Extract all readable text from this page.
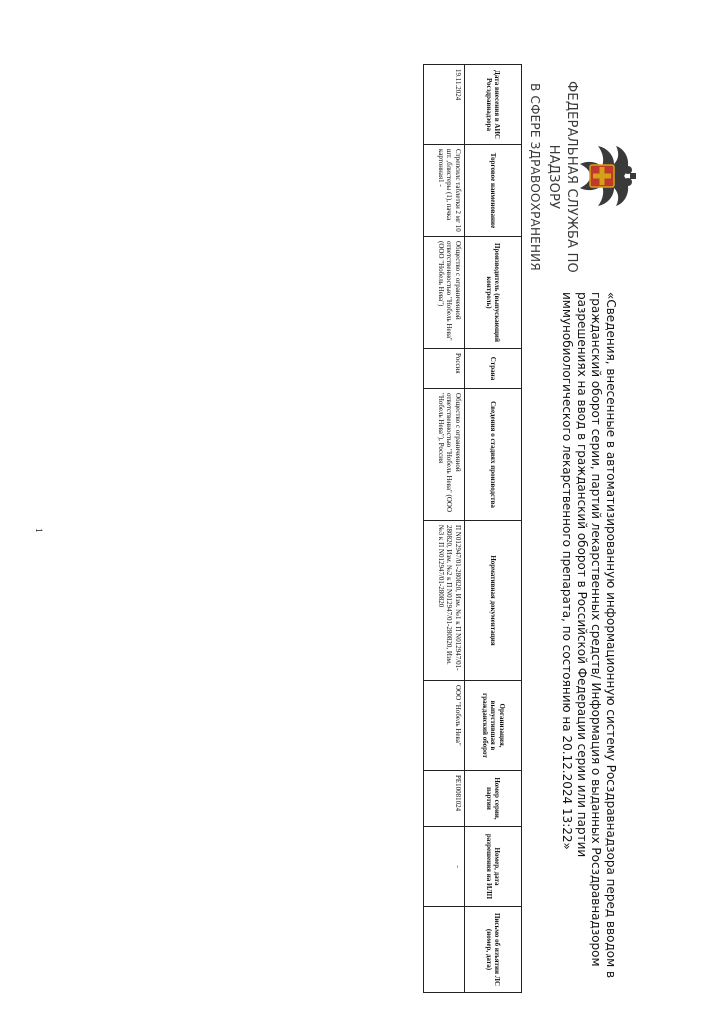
ФЕДЕРАЛЬНАЯ СЛУЖБА ПО НАДЗОРУ
В СФЕРЕ ЗДРАВООХРАНЕНИЯ
«Сведения, внесенные в автоматизированную информационную систему Росздравнадзора перед вводом в гражданский оборот серии, партий лекарственных средств/ Информация о выданных Росздравнадзором разрешениях на ввод в гражданский оборот в Российской Федерации серии или партии иммунобиологического лекарственного препарата, по состоянию на 20.12.2024 13:22»
Дата внесения в АИС Росздравнадзора	Торговое наименование	Производитель (выпускающий контроль)	Страна	Сведения о стадиях производства	Нормативная документация	Организация, выпустившая в гражданский оборот	Номер серии, партии	Номер, дата разрешения на ИЛП	Письмо об изъятии ЛС (номер, дата)
19.11.2024	Стрепсилс таблетки 2 мг 10 шт. ,блистеры (1), пачка картонная1 -	Общество с ограниченной ответственностью "Нобель Нева" (ООО "Нобель Нева")	Россия	Общество с ограниченной ответственностью "Нобель Нева" (ООО "Нобель Нева"), Россия	П N012947/01-280820, Изм. №1 к П N012947/01-280820, Изм. №2 к П N012947/01-280820, Изм. №3 к П N012947/01-280820	ООО "Нобель Нева"	PE10081024	-	
1
